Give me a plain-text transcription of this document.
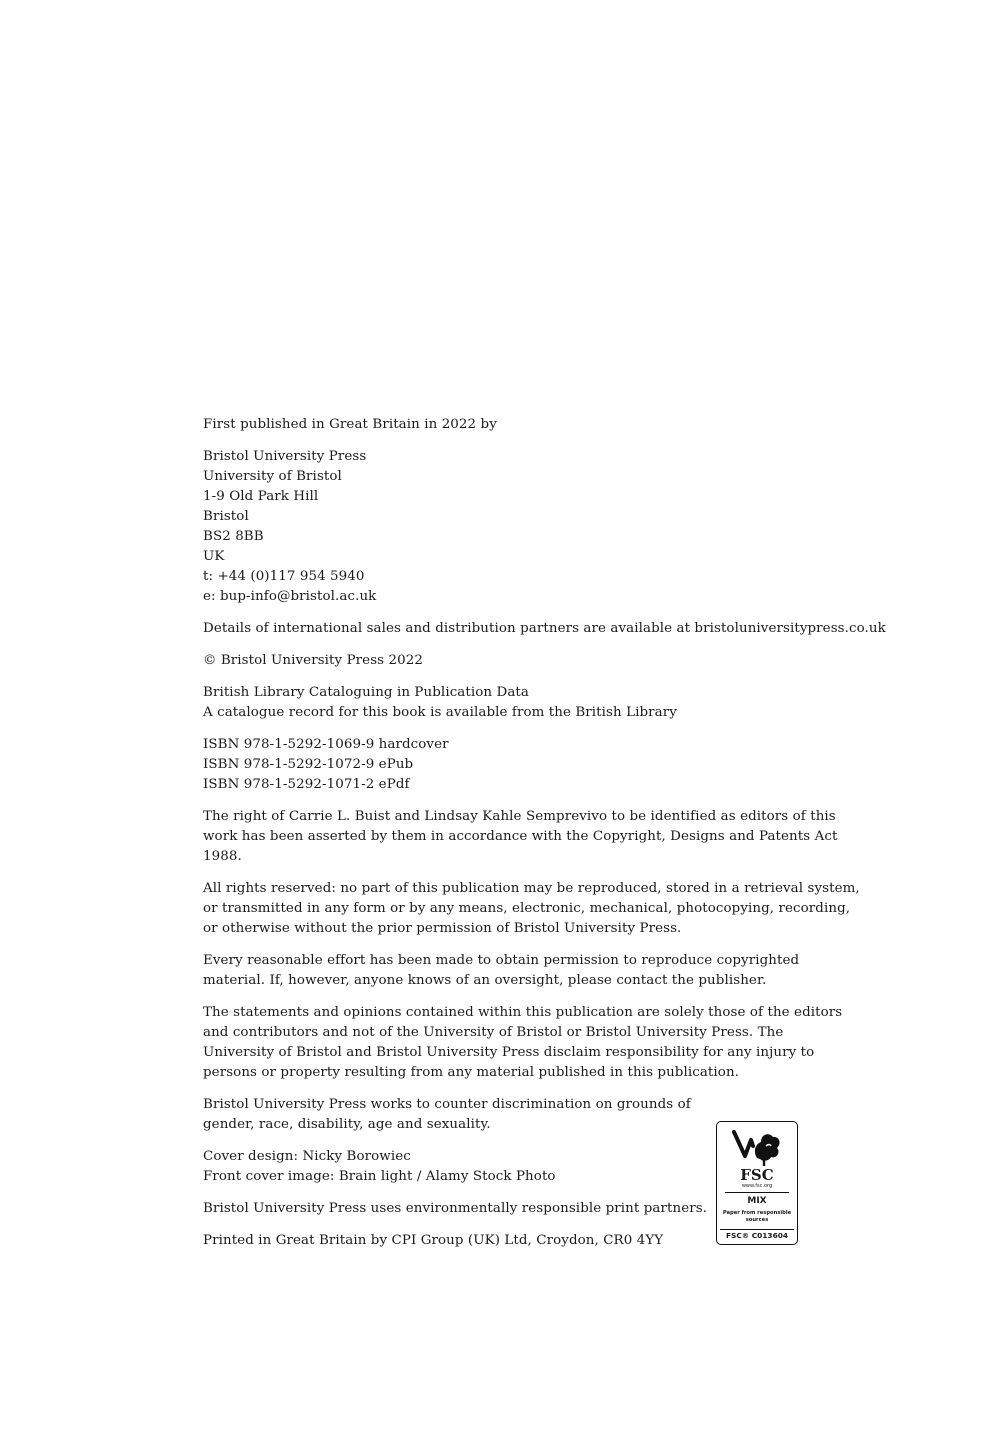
First published in Great Britain in 2022 by
Bristol University Press
University of Bristol
1-9 Old Park Hill
Bristol
BS2 8BB
UK
t: +44 (0)117 954 5940
e: bup-info@bristol.ac.uk
Details of international sales and distribution partners are available at bristoluniversitypress.co.uk
© Bristol University Press 2022
British Library Cataloguing in Publication Data
A catalogue record for this book is available from the British Library
ISBN 978-1-5292-1069-9 hardcover
ISBN 978-1-5292-1072-9 ePub
ISBN 978-1-5292-1071-2 ePdf
The right of Carrie L. Buist and Lindsay Kahle Semprevivo to be identified as editors of this
work has been asserted by them in accordance with the Copyright, Designs and Patents Act
1988.
All rights reserved: no part of this publication may be reproduced, stored in a retrieval system,
or transmitted in any form or by any means, electronic, mechanical, photocopying, recording,
or otherwise without the prior permission of Bristol University Press.
Every reasonable effort has been made to obtain permission to reproduce copyrighted
material. If, however, anyone knows of an oversight, please contact the publisher.
The statements and opinions contained within this publication are solely those of the editors
and contributors and not of the University of Bristol or Bristol University Press. The
University of Bristol and Bristol University Press disclaim responsibility for any injury to
persons or property resulting from any material published in this publication.
Bristol University Press works to counter discrimination on grounds of
gender, race, disability, age and sexuality.
Cover design: Nicky Borowiec
Front cover image: Brain light / Alamy Stock Photo
Bristol University Press uses environmentally responsible print partners.
Printed in Great Britain by CPI Group (UK) Ltd, Croydon, CR0 4YY
FSC
www.fsc.org
MIX
Paper from responsible sources
FSC® C013604
